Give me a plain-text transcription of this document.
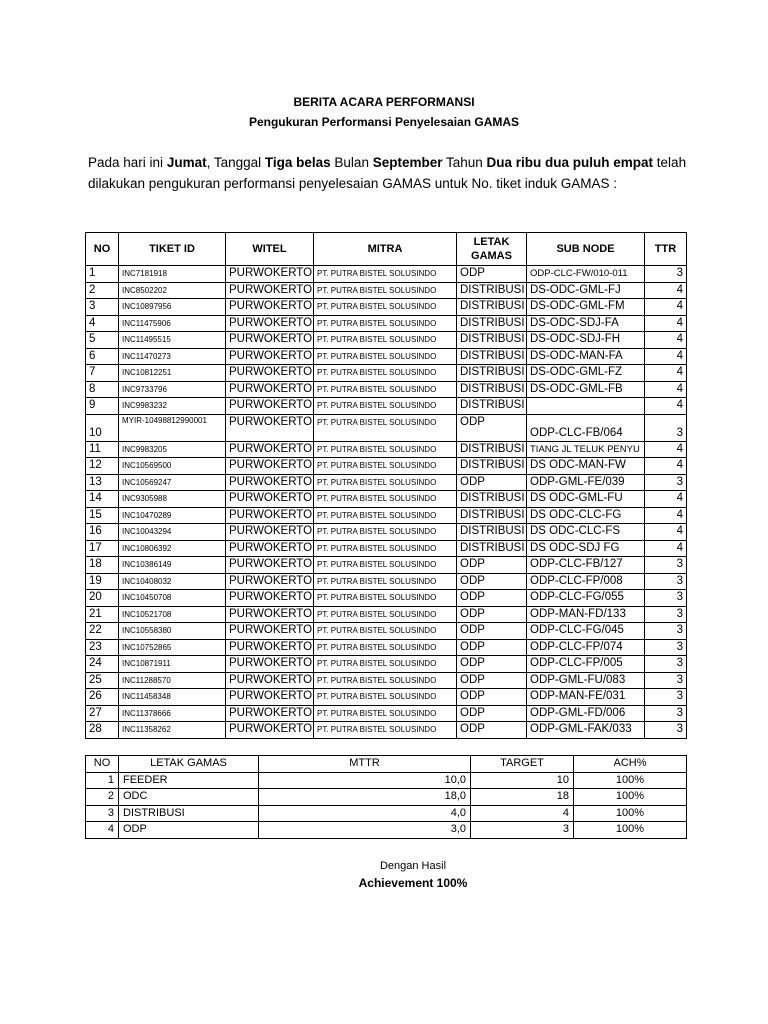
BERITA ACARA PERFORMANSI
Pengukuran Performansi Penyelesaian GAMAS
Pada hari ini Jumat, Tanggal Tiga belas Bulan September Tahun Dua ribu dua puluh empat telah
dilakukan pengukuran performansi penyelesaian GAMAS untuk No. tiket induk GAMAS :
NO	TIKET ID	WITEL	MITRA	LETAK GAMAS	SUB NODE	TTR
1	INC7181918	PURWOKERTO	PT. PUTRA BISTEL SOLUSINDO	ODP	ODP-CLC-FW/010-011	3
2	INC8502202	PURWOKERTO	PT. PUTRA BISTEL SOLUSINDO	DISTRIBUSI	DS-ODC-GML-FJ	4
3	INC10897956	PURWOKERTO	PT. PUTRA BISTEL SOLUSINDO	DISTRIBUSI	DS-ODC-GML-FM	4
4	INC11475906	PURWOKERTO	PT. PUTRA BISTEL SOLUSINDO	DISTRIBUSI	DS-ODC-SDJ-FA	4
5	INC11495515	PURWOKERTO	PT. PUTRA BISTEL SOLUSINDO	DISTRIBUSI	DS-ODC-SDJ-FH	4
6	INC11470273	PURWOKERTO	PT. PUTRA BISTEL SOLUSINDO	DISTRIBUSI	DS-ODC-MAN-FA	4
7	INC10812251	PURWOKERTO	PT. PUTRA BISTEL SOLUSINDO	DISTRIBUSI	DS-ODC-GML-FZ	4
8	INC9733796	PURWOKERTO	PT. PUTRA BISTEL SOLUSINDO	DISTRIBUSI	DS-ODC-GML-FB	4
9	INC9983232	PURWOKERTO	PT. PUTRA BISTEL SOLUSINDO	DISTRIBUSI		4
10	MYIR-10498812990001	PURWOKERTO	PT. PUTRA BISTEL SOLUSINDO	ODP	ODP-CLC-FB/064	3
11	INC9983205	PURWOKERTO	PT. PUTRA BISTEL SOLUSINDO	DISTRIBUSI	TIANG JL TELUK PENYU	4
12	INC10569500	PURWOKERTO	PT. PUTRA BISTEL SOLUSINDO	DISTRIBUSI	DS ODC-MAN-FW	4
13	INC10569247	PURWOKERTO	PT. PUTRA BISTEL SOLUSINDO	ODP	ODP-GML-FE/039	3
14	INC9305988	PURWOKERTO	PT. PUTRA BISTEL SOLUSINDO	DISTRIBUSI	DS ODC-GML-FU	4
15	INC10470289	PURWOKERTO	PT. PUTRA BISTEL SOLUSINDO	DISTRIBUSI	DS ODC-CLC-FG	4
16	INC10043294	PURWOKERTO	PT. PUTRA BISTEL SOLUSINDO	DISTRIBUSI	DS ODC-CLC-FS	4
17	INC10806392	PURWOKERTO	PT. PUTRA BISTEL SOLUSINDO	DISTRIBUSI	DS ODC-SDJ FG	4
18	INC10386149	PURWOKERTO	PT. PUTRA BISTEL SOLUSINDO	ODP	ODP-CLC-FB/127	3
19	INC10408032	PURWOKERTO	PT. PUTRA BISTEL SOLUSINDO	ODP	ODP-CLC-FP/008	3
20	INC10450708	PURWOKERTO	PT. PUTRA BISTEL SOLUSINDO	ODP	ODP-CLC-FG/055	3
21	INC10521708	PURWOKERTO	PT. PUTRA BISTEL SOLUSINDO	ODP	ODP-MAN-FD/133	3
22	INC10558380	PURWOKERTO	PT. PUTRA BISTEL SOLUSINDO	ODP	ODP-CLC-FG/045	3
23	INC10752865	PURWOKERTO	PT. PUTRA BISTEL SOLUSINDO	ODP	ODP-CLC-FP/074	3
24	INC10871911	PURWOKERTO	PT. PUTRA BISTEL SOLUSINDO	ODP	ODP-CLC-FP/005	3
25	INC11288570	PURWOKERTO	PT. PUTRA BISTEL SOLUSINDO	ODP	ODP-GML-FU/083	3
26	INC11458348	PURWOKERTO	PT. PUTRA BISTEL SOLUSINDO	ODP	ODP-MAN-FE/031	3
27	INC11378666	PURWOKERTO	PT. PUTRA BISTEL SOLUSINDO	ODP	ODP-GML-FD/006	3
28	INC11358262	PURWOKERTO	PT. PUTRA BISTEL SOLUSINDO	ODP	ODP-GML-FAK/033	3
NO	LETAK GAMAS	MTTR	TARGET	ACH%
1	FEEDER	10,0	10	100%
2	ODC	18,0	18	100%
3	DISTRIBUSI	4,0	4	100%
4	ODP	3,0	3	100%
Dengan Hasil
Achievement 100%
